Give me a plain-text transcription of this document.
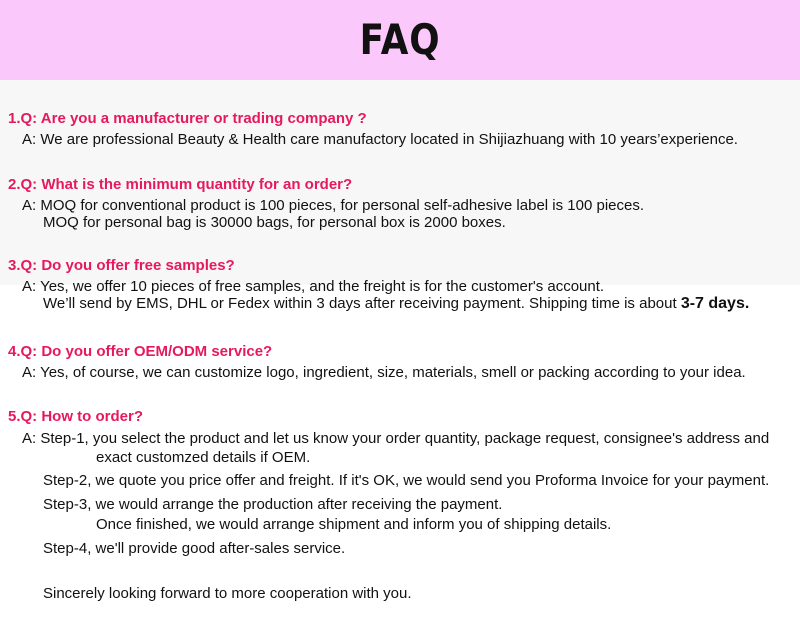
FAQ
1.Q: Are you a manufacturer or trading company ?
A: We are professional Beauty & Health care manufactory located in Shijiazhuang with 10 years’experience.
2.Q: What is the minimum quantity for an order?
A: MOQ for conventional product is 100 pieces, for personal self-adhesive label is 100 pieces.
MOQ for personal bag is 30000 bags, for personal box is 2000 boxes.
3.Q: Do you offer free samples?
A: Yes, we offer 10 pieces of free samples, and the freight is for the customer's account.
We’ll send by EMS, DHL or Fedex within 3 days after receiving payment. Shipping time is about 3-7 days.
4.Q: Do you offer OEM/ODM service?
A: Yes, of course, we can customize logo, ingredient, size, materials, smell or packing according to your idea.
5.Q: How to order?
A: Step-1, you select the product and let us know your order quantity, package request, consignee's address and
exact customzed details if OEM.
Step-2, we quote you price offer and freight. If it's OK, we would send you Proforma Invoice for your payment.
Step-3, we would arrange the production after receiving the payment.
Once finished, we would arrange shipment and inform you of shipping details.
Step-4, we'll provide good after-sales service.
Sincerely looking forward to more cooperation with you.
